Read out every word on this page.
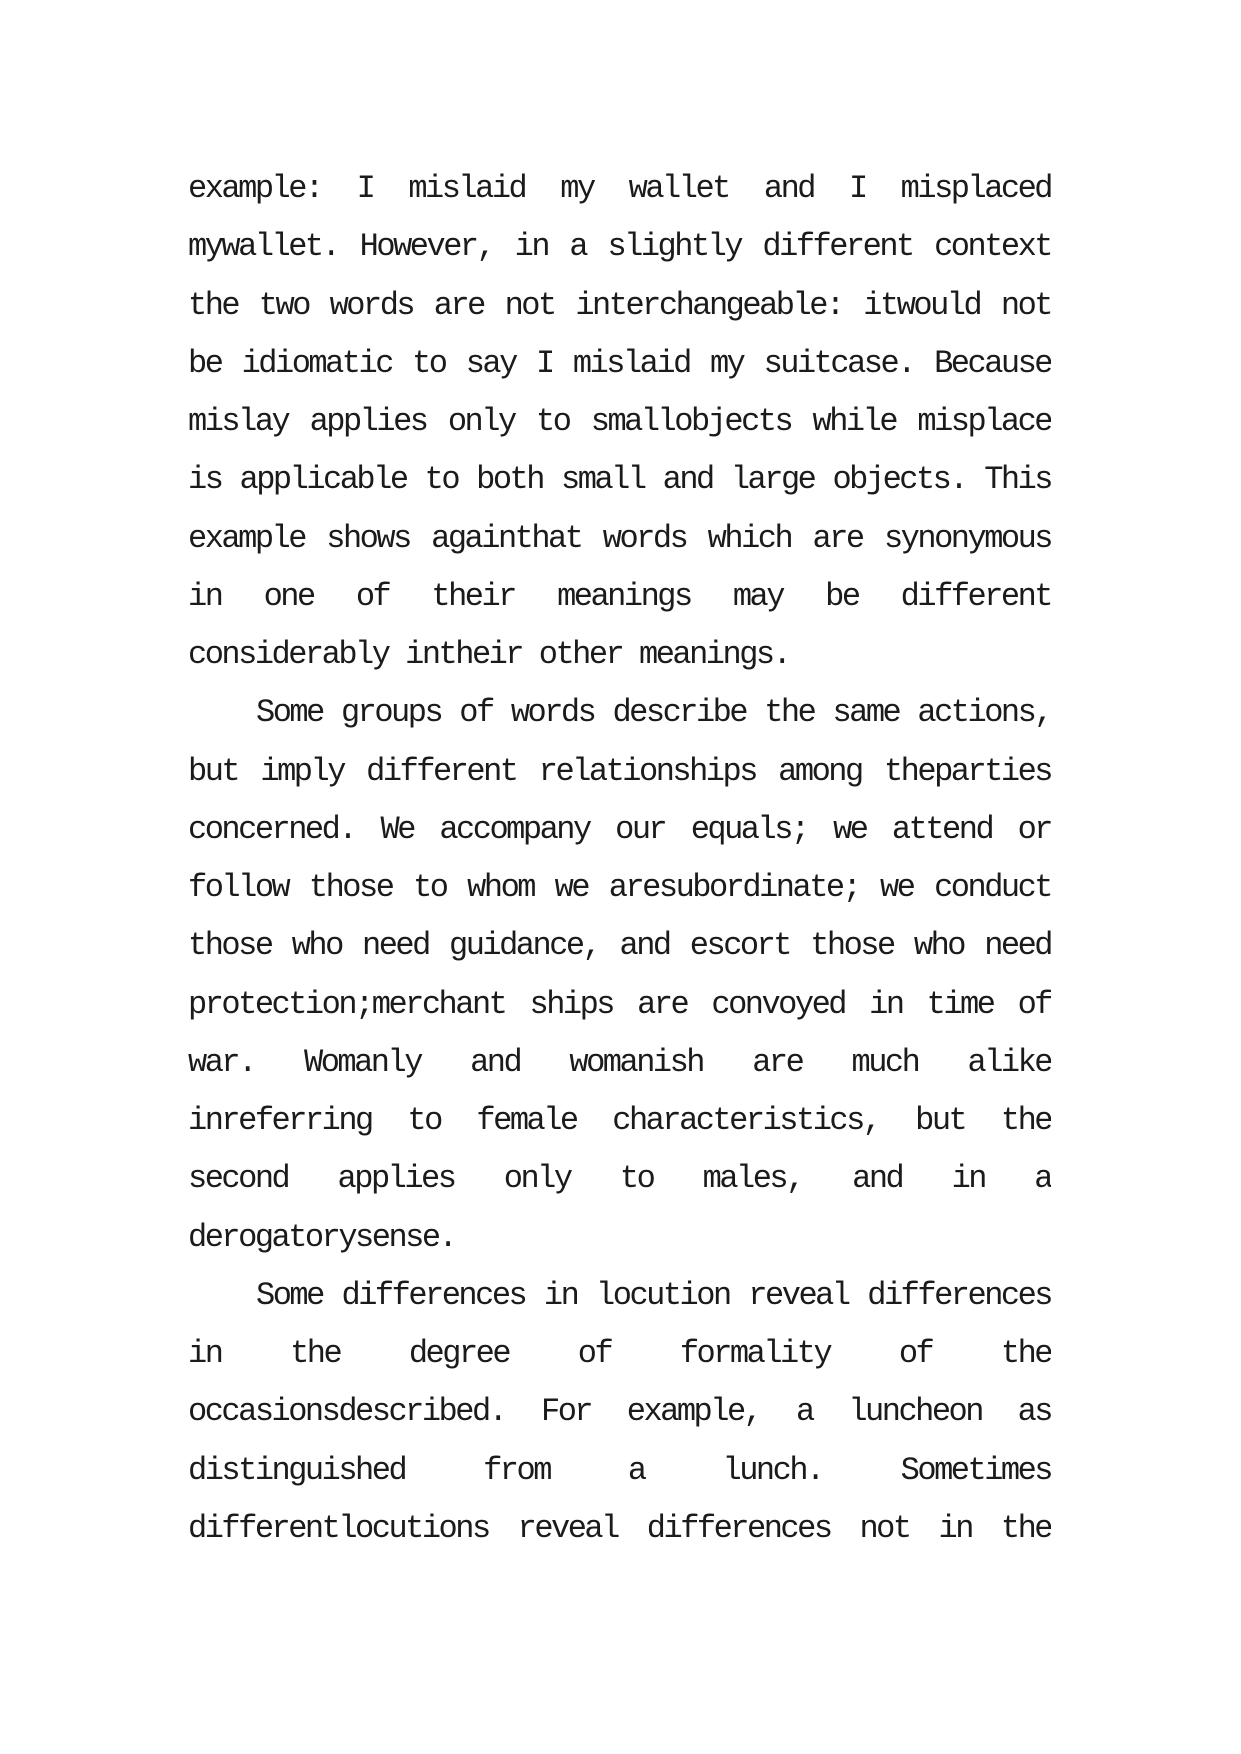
example: I mislaid my wallet and I misplaced
mywallet. However, in a slightly different context
the two words are not interchangeable: itwould not
be idiomatic to say I mislaid my suitcase. Because
mislay applies only to smallobjects while misplace
is applicable to both small and large objects. This
example shows againthat words which are synonymous
in one of their meanings may be different
considerably intheir other meanings.
Some groups of words describe the same actions,
but imply different relationships among theparties
concerned. We accompany our equals; we attend or
follow those to whom we aresubordinate; we conduct
those who need guidance, and escort those who need
protection;merchant ships are convoyed in time of
war. Womanly and womanish are much alike
inreferring to female characteristics, but the
second applies only to males, and in a
derogatorysense.
Some differences in locution reveal differences
in the degree of formality of the
occasionsdescribed. For example, a luncheon as
distinguished from a lunch. Sometimes
differentlocutions reveal differences not in the
